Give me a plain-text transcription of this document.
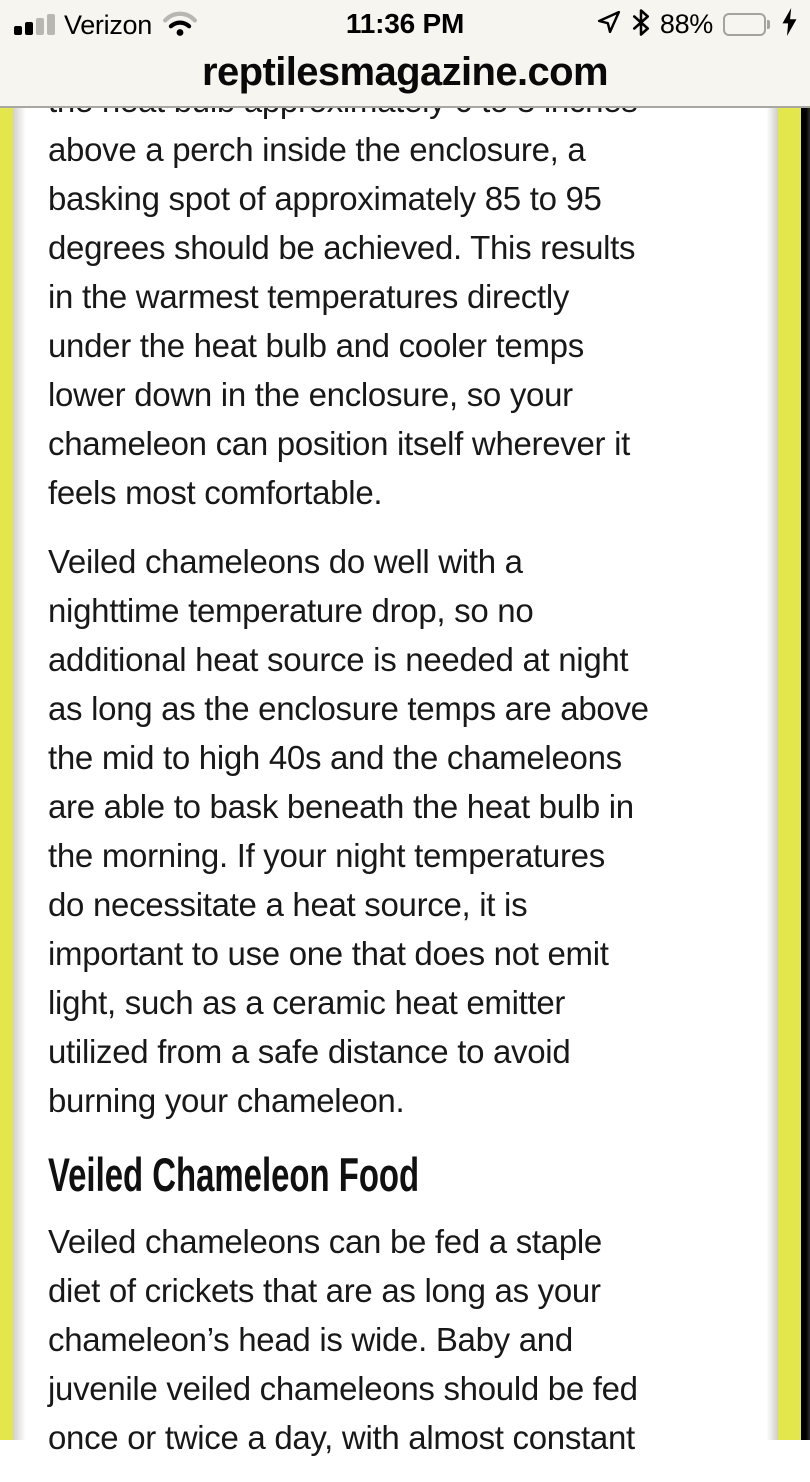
Verizon	11:36 PM	88%
reptilesmagazine.com
above a perch inside the enclosure, a
basking spot of approximately 85 to 95
degrees should be achieved. This results
in the warmest temperatures directly
under the heat bulb and cooler temps
lower down in the enclosure, so your
chameleon can position itself wherever it
feels most comfortable.
Veiled chameleons do well with a
nighttime temperature drop, so no
additional heat source is needed at night
as long as the enclosure temps are above
the mid to high 40s and the chameleons
are able to bask beneath the heat bulb in
the morning. If your night temperatures
do necessitate a heat source, it is
important to use one that does not emit
light, such as a ceramic heat emitter
utilized from a safe distance to avoid
burning your chameleon.
Veiled Chameleon Food
Veiled chameleons can be fed a staple
diet of crickets that are as long as your
chameleon’s head is wide. Baby and
juvenile veiled chameleons should be fed
once or twice a day, with almost constant
